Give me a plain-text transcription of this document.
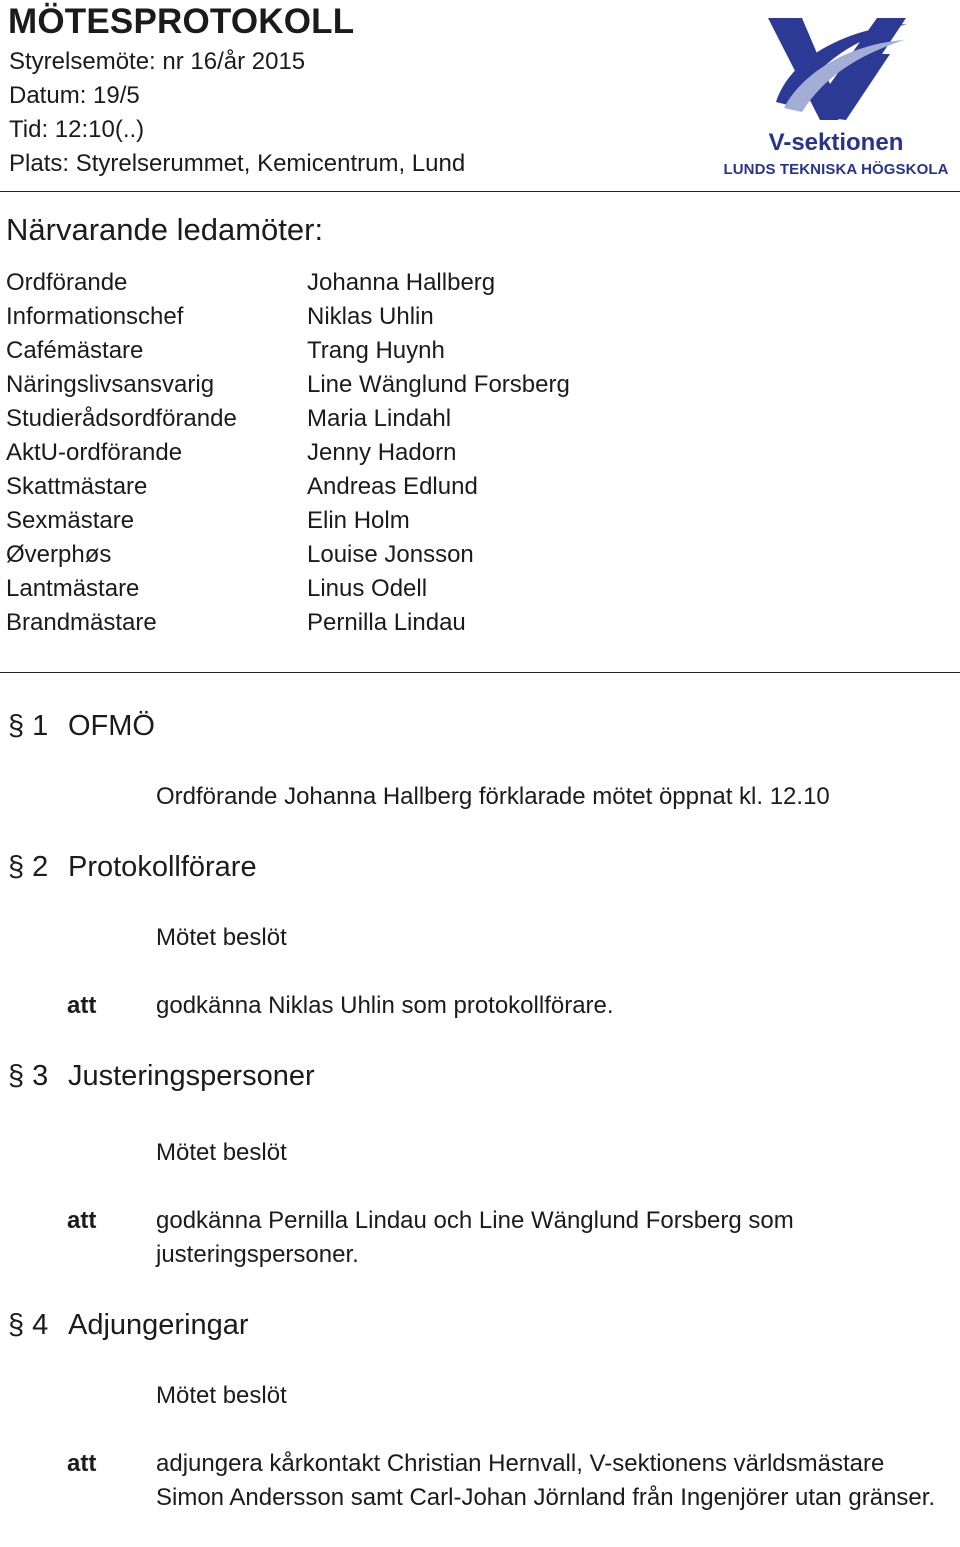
MÖTESPROTOKOLL
Styrelsemöte: nr 16/år 2015
Datum: 19/5
Tid: 12:10(..)
Plats: Styrelserummet, Kemicentrum, Lund
V-sektionen
LUNDS TEKNISKA HÖGSKOLA
Närvarande ledamöter:
Ordförande	Johanna Hallberg
Informationschef	Niklas Uhlin
Cafémästare	Trang Huynh
Näringslivsansvarig	Line Wänglund Forsberg
Studierådsordförande	Maria Lindahl
AktU-ordförande	Jenny Hadorn
Skattmästare	Andreas Edlund
Sexmästare	Elin Holm
Øverphøs	Louise Jonsson
Lantmästare	Linus Odell
Brandmästare	Pernilla Lindau
§ 1 OFMÖ
Ordförande Johanna Hallberg förklarade mötet öppnat kl. 12.10
§ 2 Protokollförare
Mötet beslöt
att godkänna Niklas Uhlin som protokollförare.
§ 3 Justeringspersoner
Mötet beslöt
att godkänna Pernilla Lindau och Line Wänglund Forsberg som justeringspersoner.
§ 4 Adjungeringar
Mötet beslöt
att adjungera kårkontakt Christian Hernvall, V-sektionens världsmästare Simon Andersson samt Carl-Johan Jörnland från Ingenjörer utan gränser.
